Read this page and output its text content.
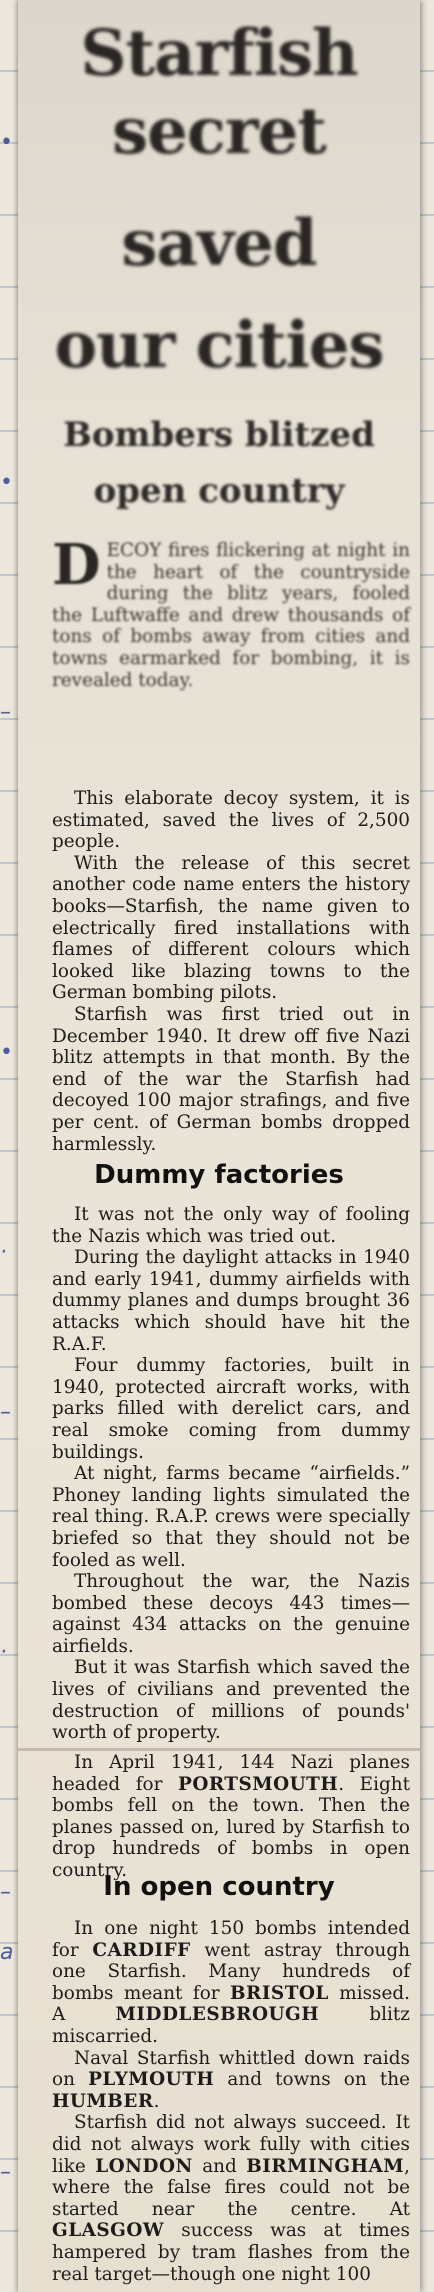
•
•
–
•
·
–
·
–
a
–
Starfish
secret
saved
our cities
Bombers blitzed
open country
DECOY fires flickering at night in the heart of the countryside during the blitz years, fooled the Luftwaffe and drew thousands of tons of bombs away from cities and towns earmarked for bombing, it is revealed today.

This elaborate decoy system, it is estimated, saved the lives of 2,500 people.

With the release of this secret another code name enters the history books—Starfish, the name given to electrically fired installations with flames of different colours which looked like blazing towns to the German bombing pilots.

Starfish was first tried out in December 1940. It drew off five Nazi blitz attempts in that month. By the end of the war the Starfish had decoyed 100 major strafings, and five per cent. of German bombs dropped harmlessly.

Dummy factories

It was not the only way of fooling the Nazis which was tried out.

During the daylight attacks in 1940 and early 1941, dummy airfields with dummy planes and dumps brought 36 attacks which should have hit the R.A.F.

Four dummy factories, built in 1940, protected aircraft works, with parks filled with derelict cars, and real smoke coming from dummy buildings.

At night, farms became “airfields.” Phoney landing lights simulated the real thing. R.A.P. crews were specially briefed so that they should not be fooled as well.

Throughout the war, the Nazis bombed these decoys 443 times—against 434 attacks on the genuine airfields.

But it was Starfish which saved the lives of civilians and prevented the destruction of millions of pounds' worth of property.

In April 1941, 144 Nazi planes headed for PORTSMOUTH. Eight bombs fell on the town. Then the planes passed on, lured by Starfish to drop hundreds of bombs in open country.

In open country

In one night 150 bombs intended for CARDIFF went astray through one Starfish. Many hundreds of bombs meant for BRISTOL missed. A MIDDLESBROUGH blitz miscarried.

Naval Starfish whittled down raids on PLYMOUTH and towns on the HUMBER.

Starfish did not always succeed. It did not always work fully with cities like LONDON and BIRMINGHAM, where the false fires could not be started near the centre. At GLASGOW success was at times hampered by tram flashes from the real target—though one night 100
